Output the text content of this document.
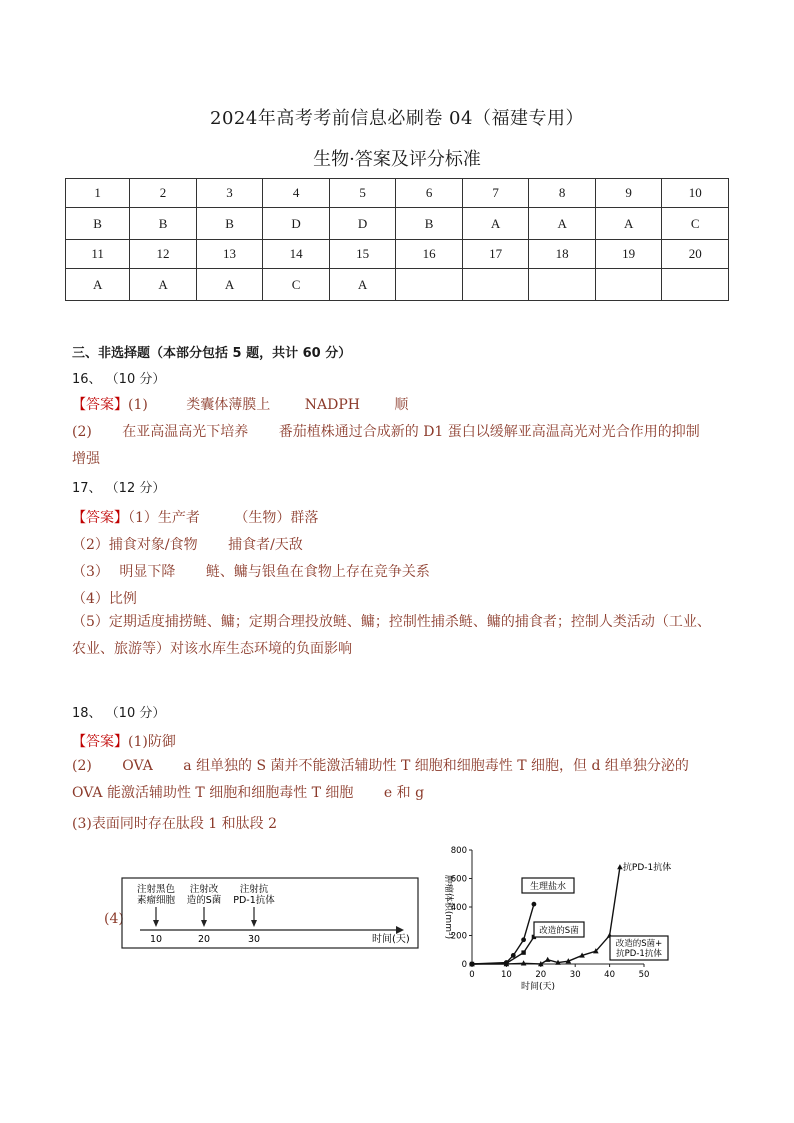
2024年高考考前信息必刷卷 04（福建专用）
生物·答案及评分标准
1	2	3	4	5	6	7	8	9	10
B	B	B	D	D	B	A	A	A	C
11	12	13	14	15	16	17	18	19	20
A	A	A	C	A					
三、非选择题（本部分包括 5 题，共计 60 分）
16、 （10 分）
【答案】(1)	类囊体薄膜上 NADPH 顺
(2) 在亚高温高光下培养 番茄植株通过合成新的 D1 蛋白以缓解亚高温高光对光合作用的抑制
增强
17、 （12 分）
【答案】（1）生产者 （生物）群落
（2）捕食对象/食物 捕食者/天敌
（3） 明显下降 鲢、鳙与银鱼在食物上存在竞争关系
（4）比例
（5）定期适度捕捞鲢、鳙；定期合理投放鲢、鳙；控制性捕杀鲢、鳙的捕食者；控制人类活动（工业、农业、旅游等）对该水库生态环境的负面影响
18、 （10 分）
【答案】(1)防御
(2) OVA a 组单独的 S 菌并不能激活辅助性 T 细胞和细胞毒性 T 细胞，但 d 组单独分泌的 OVA 能激活辅助性 T 细胞和细胞毒性 T 细胞 e 和 g
(3)表面同时存在肽段 1 和肽段 2
(4)
注射黑色
素瘤细胞
10
注射改
造的S菌
20
注射抗
PD-1抗体
30	时间(天)
0
200
400
600
800
0	10	20	30	40	50
时间(天)
肿瘤体积(mm³)	生理盐水
改造的S菌
改造的S菌+
抗PD-1抗体
抗PD-1抗体
